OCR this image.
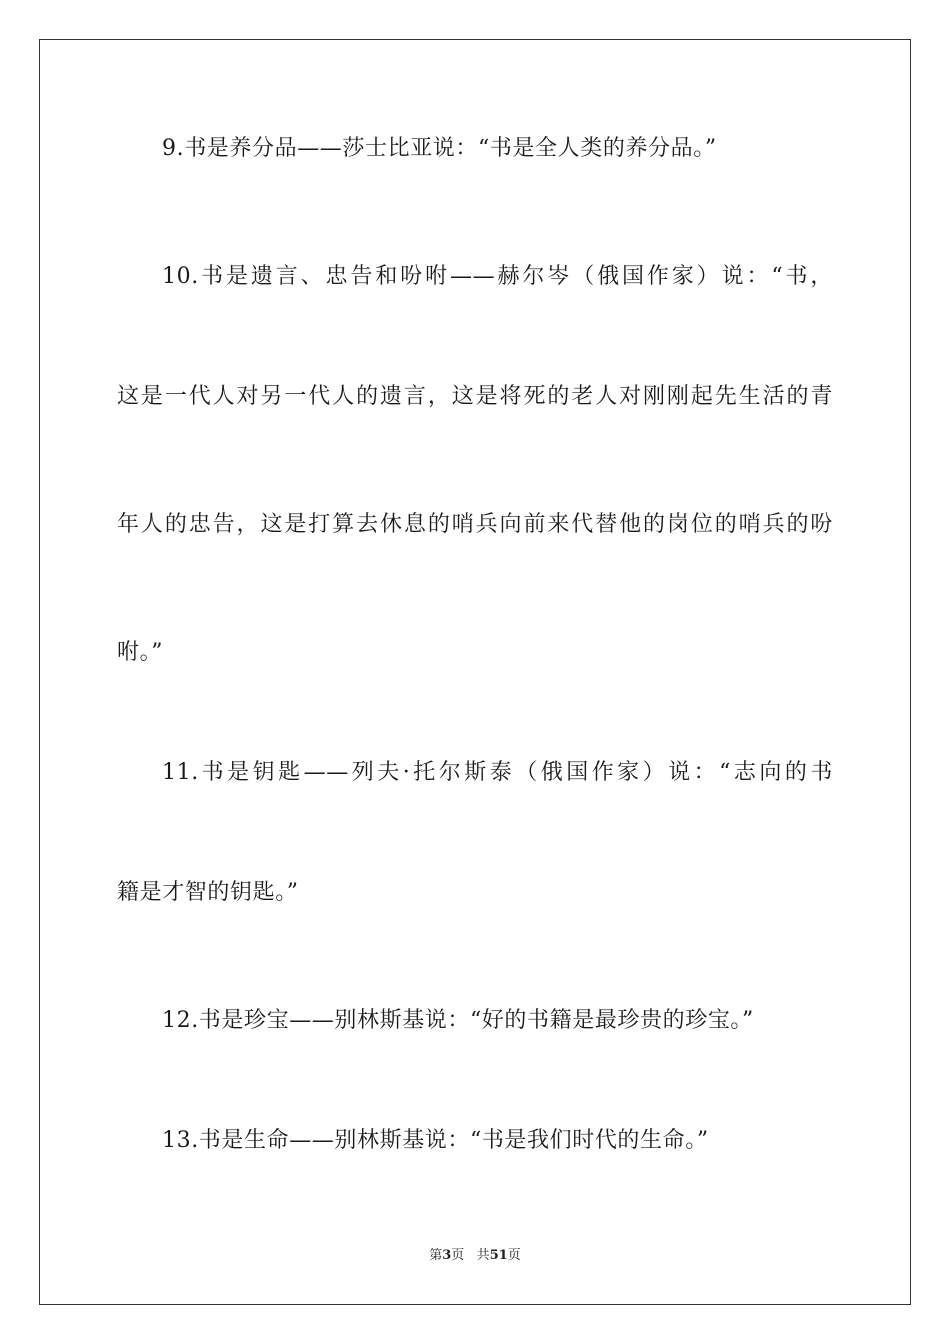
9.书是养分品——莎士比亚说：“书是全人类的养分品。”
10.书是遗言、忠告和吩咐——赫尔岑（俄国作家）说：“书，
这是一代人对另一代人的遗言，这是将死的老人对刚刚起先生活的青
年人的忠告，这是打算去休息的哨兵向前来代替他的岗位的哨兵的吩
咐。”
11.书是钥匙——列夫·托尔斯泰（俄国作家）说：“志向的书
籍是才智的钥匙。”
12.书是珍宝——别林斯基说：“好的书籍是最珍贵的珍宝。”
13.书是生命——别林斯基说：“书是我们时代的生命。”
第3页 共51页
